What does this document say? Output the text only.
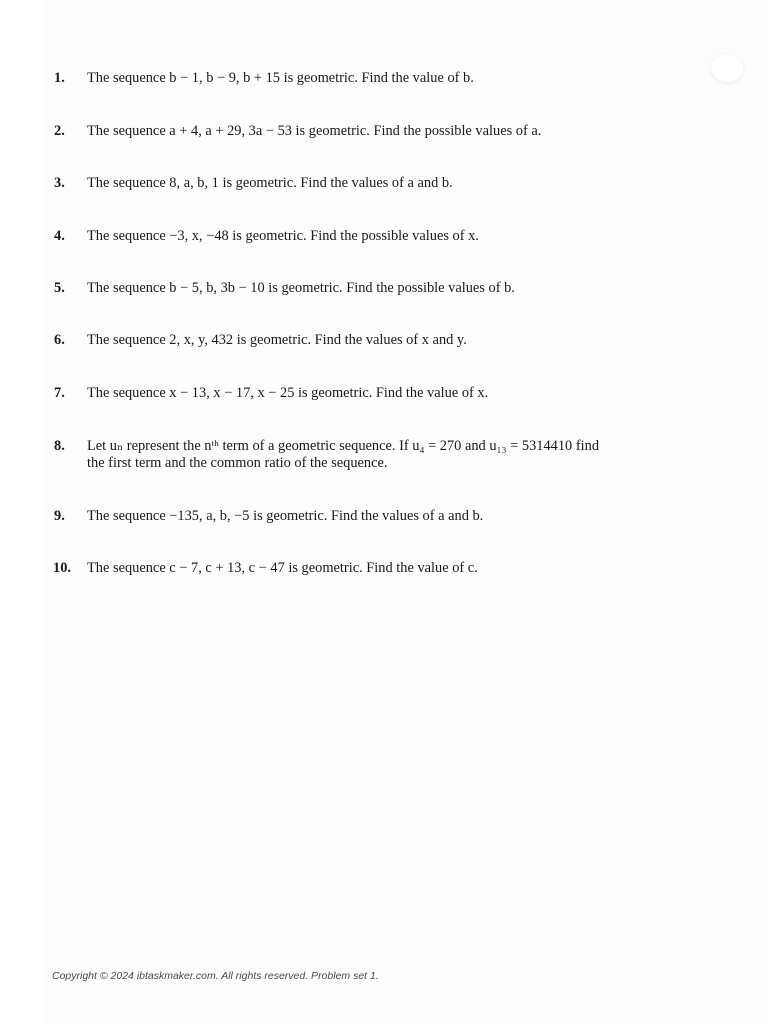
1. The sequence b − 1, b − 9, b + 15 is geometric. Find the value of b.
2. The sequence a + 4, a + 29, 3a − 53 is geometric. Find the possible values of a.
3. The sequence 8, a, b, 1 is geometric. Find the values of a and b.
4. The sequence −3, x, −48 is geometric. Find the possible values of x.
5. The sequence b − 5, b, 3b − 10 is geometric. Find the possible values of b.
6. The sequence 2, x, y, 432 is geometric. Find the values of x and y.
7. The sequence x − 13, x − 17, x − 25 is geometric. Find the value of x.
8. Let uₙ represent the nᵗʰ term of a geometric sequence. If u₄ = 270 and u₁₃ = 5314410 find
the first term and the common ratio of the sequence.
9. The sequence −135, a, b, −5 is geometric. Find the values of a and b.
10. The sequence c − 7, c + 13, c − 47 is geometric. Find the value of c.
Copyright © 2024 ibtaskmaker.com. All rights reserved. Problem set 1.
